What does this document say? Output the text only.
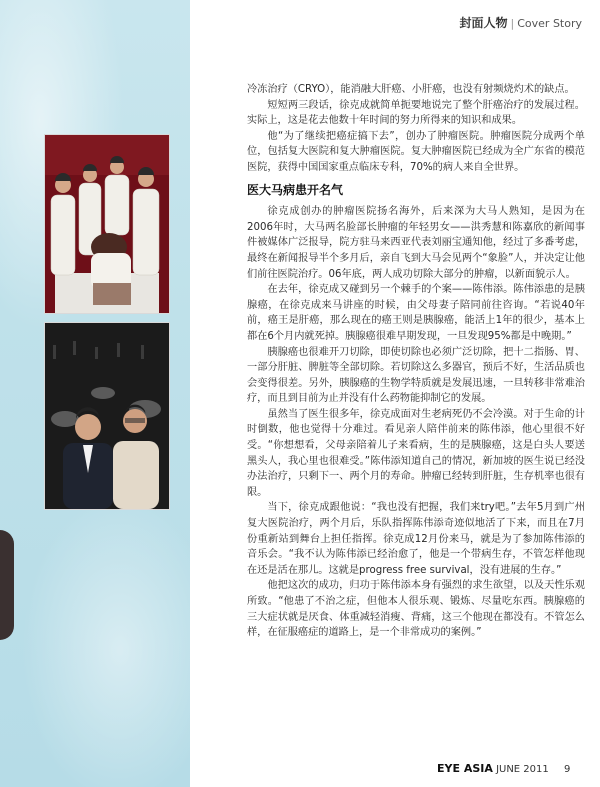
封面人物 | Cover Story

冷冻治疗（CRYO），能消融大肝癌、小肝癌，也没有射频烧灼术的缺点。

短短两三段话，徐克成就简单扼要地说完了整个肝癌治疗的发展过程。实际上，这是花去他数十年时间的努力所得来的知识和成果。

他“为了继续把癌症搞下去”，创办了肿瘤医院。肿瘤医院分成两个单位，包括复大医院和复大肿瘤医院。复大肿瘤医院已经成为全广东省的模范医院，获得中国国家重点临床专科，70%的病人来自全世界。

医大马病患开名气

徐克成创办的肿瘤医院扬名海外，后来深为大马人熟知，是因为在2006年时，大马两名脸部长肿瘤的年轻男女——洪秀慧和陈嘉欣的新闻事件被媒体广泛报导，院方驻马来西亚代表刘丽宝通知他，经过了多番考虑，最终在新闻报导半个多月后，亲自飞到大马会见两个“象脸”人，并决定让他们前往医院治疗。06年底，两人成功切除大部分的肿瘤，以新面貌示人。

在去年，徐克成又碰到另一个棘手的个案——陈伟添。陈伟添患的是胰腺癌，在徐克成来马讲座的时候，由父母妻子陪同前往咨询。“若说40年前，癌王是肝癌，那么现在的癌王则是胰腺癌，能活上1年的很少，基本上都在6个月内就死掉。胰腺癌很难早期发现，一旦发现95%都是中晚期。”

胰腺癌也很难开刀切除，即使切除也必须广泛切除，把十二指肠、胃、一部分肝脏、脾脏等全部切除。若切除这么多器官，预后不好，生活品质也会变得很差。另外，胰腺癌的生物学特质就是发展迅速，一旦转移非常难治疗，而且到目前为止并没有什么药物能抑制它的发展。

虽然当了医生很多年，徐克成面对生老病死仍不会冷漠。对于生命的计时倒数，他也觉得十分难过。看见亲人陪伴前来的陈伟添，他心里很不好受。“你想想看，父母亲陪着儿子来看病，生的是胰腺癌，这是白头人要送黑头人，我心里也很难受。”陈伟添知道自己的情况，新加坡的医生说已经没办法治疗，只剩下一、两个月的寿命。肿瘤已经转到肝脏，生存机率也很有限。

当下，徐克成跟他说：“我也没有把握，我们来try吧。”去年5月到广州复大医院治疗，两个月后，乐队指挥陈伟添奇迹似地活了下来，而且在7月份重新站到舞台上担任指挥。徐克成12月份来马，就是为了参加陈伟添的音乐会。“我不认为陈伟添已经治愈了，他是一个带病生存，不管怎样他现在还是活在那儿。这就是progress free survival，没有进展的生存。”

他把这次的成功，归功于陈伟添本身有强烈的求生欲望，以及天性乐观所致。“他患了不治之症，但他本人很乐观、锻炼、尽量吃东西。胰腺癌的三大症状就是厌食、体重减轻消瘦、背痛，这三个他现在都没有。不管怎么样，在征服癌症的道路上，是一个非常成功的案例。”

EYE ASIA JUNE 2011 9
